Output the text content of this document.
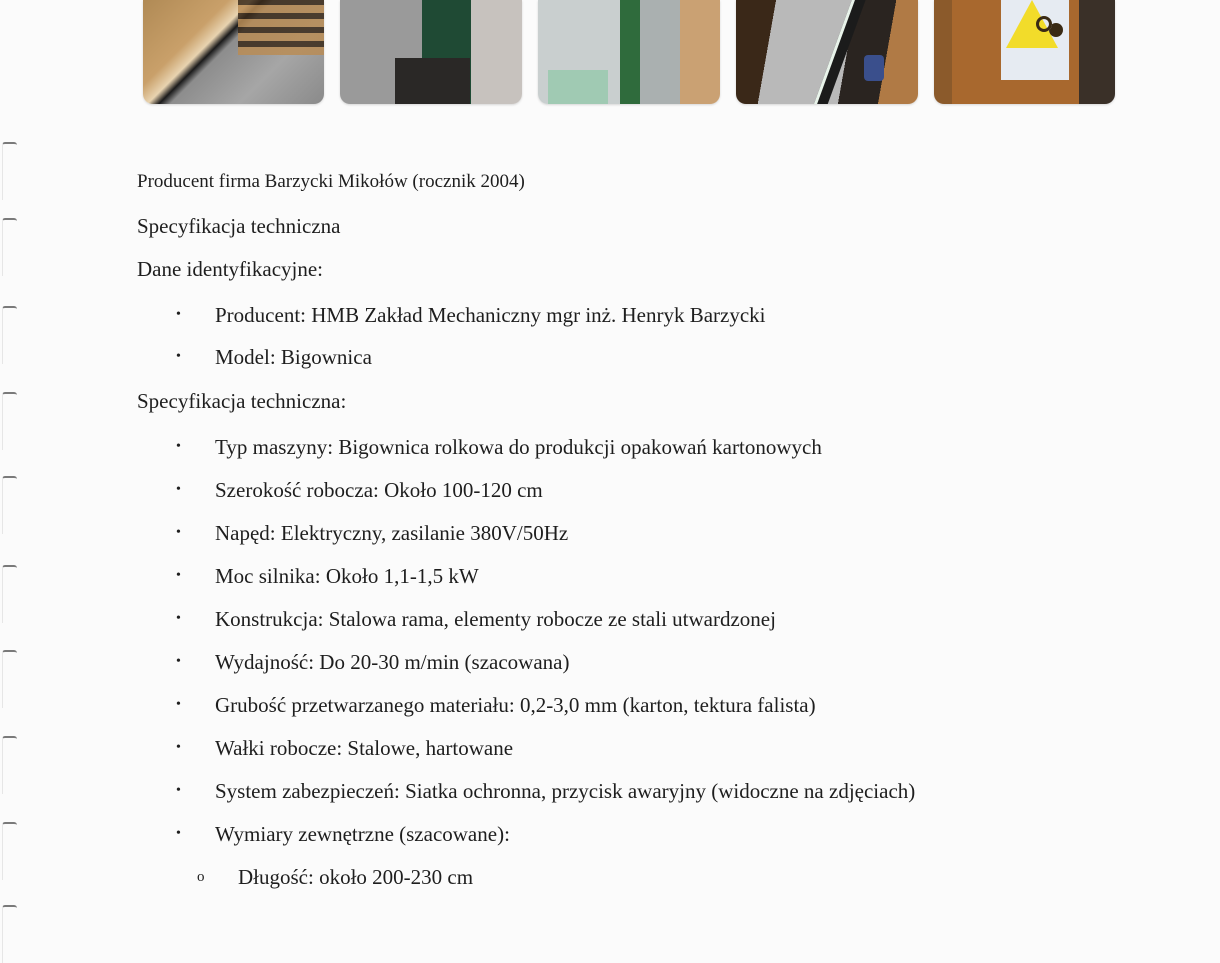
Producent firma Barzycki Mikołów (rocznik 2004)
Specyfikacja techniczna
Dane identyfikacyjne:
• Producent: HMB Zakład Mechaniczny mgr inż. Henryk Barzycki
• Model: Bigownica
Specyfikacja techniczna:
• Typ maszyny: Bigownica rolkowa do produkcji opakowań kartonowych
• Szerokość robocza: Około 100-120 cm
• Napęd: Elektryczny, zasilanie 380V/50Hz
• Moc silnika: Około 1,1-1,5 kW
• Konstrukcja: Stalowa rama, elementy robocze ze stali utwardzonej
• Wydajność: Do 20-30 m/min (szacowana)
• Grubość przetwarzanego materiału: 0,2-3,0 mm (karton, tektura falista)
• Wałki robocze: Stalowe, hartowane
• System zabezpieczeń: Siatka ochronna, przycisk awaryjny (widoczne na zdjęciach)
• Wymiary zewnętrzne (szacowane):
o Długość: około 200-230 cm
